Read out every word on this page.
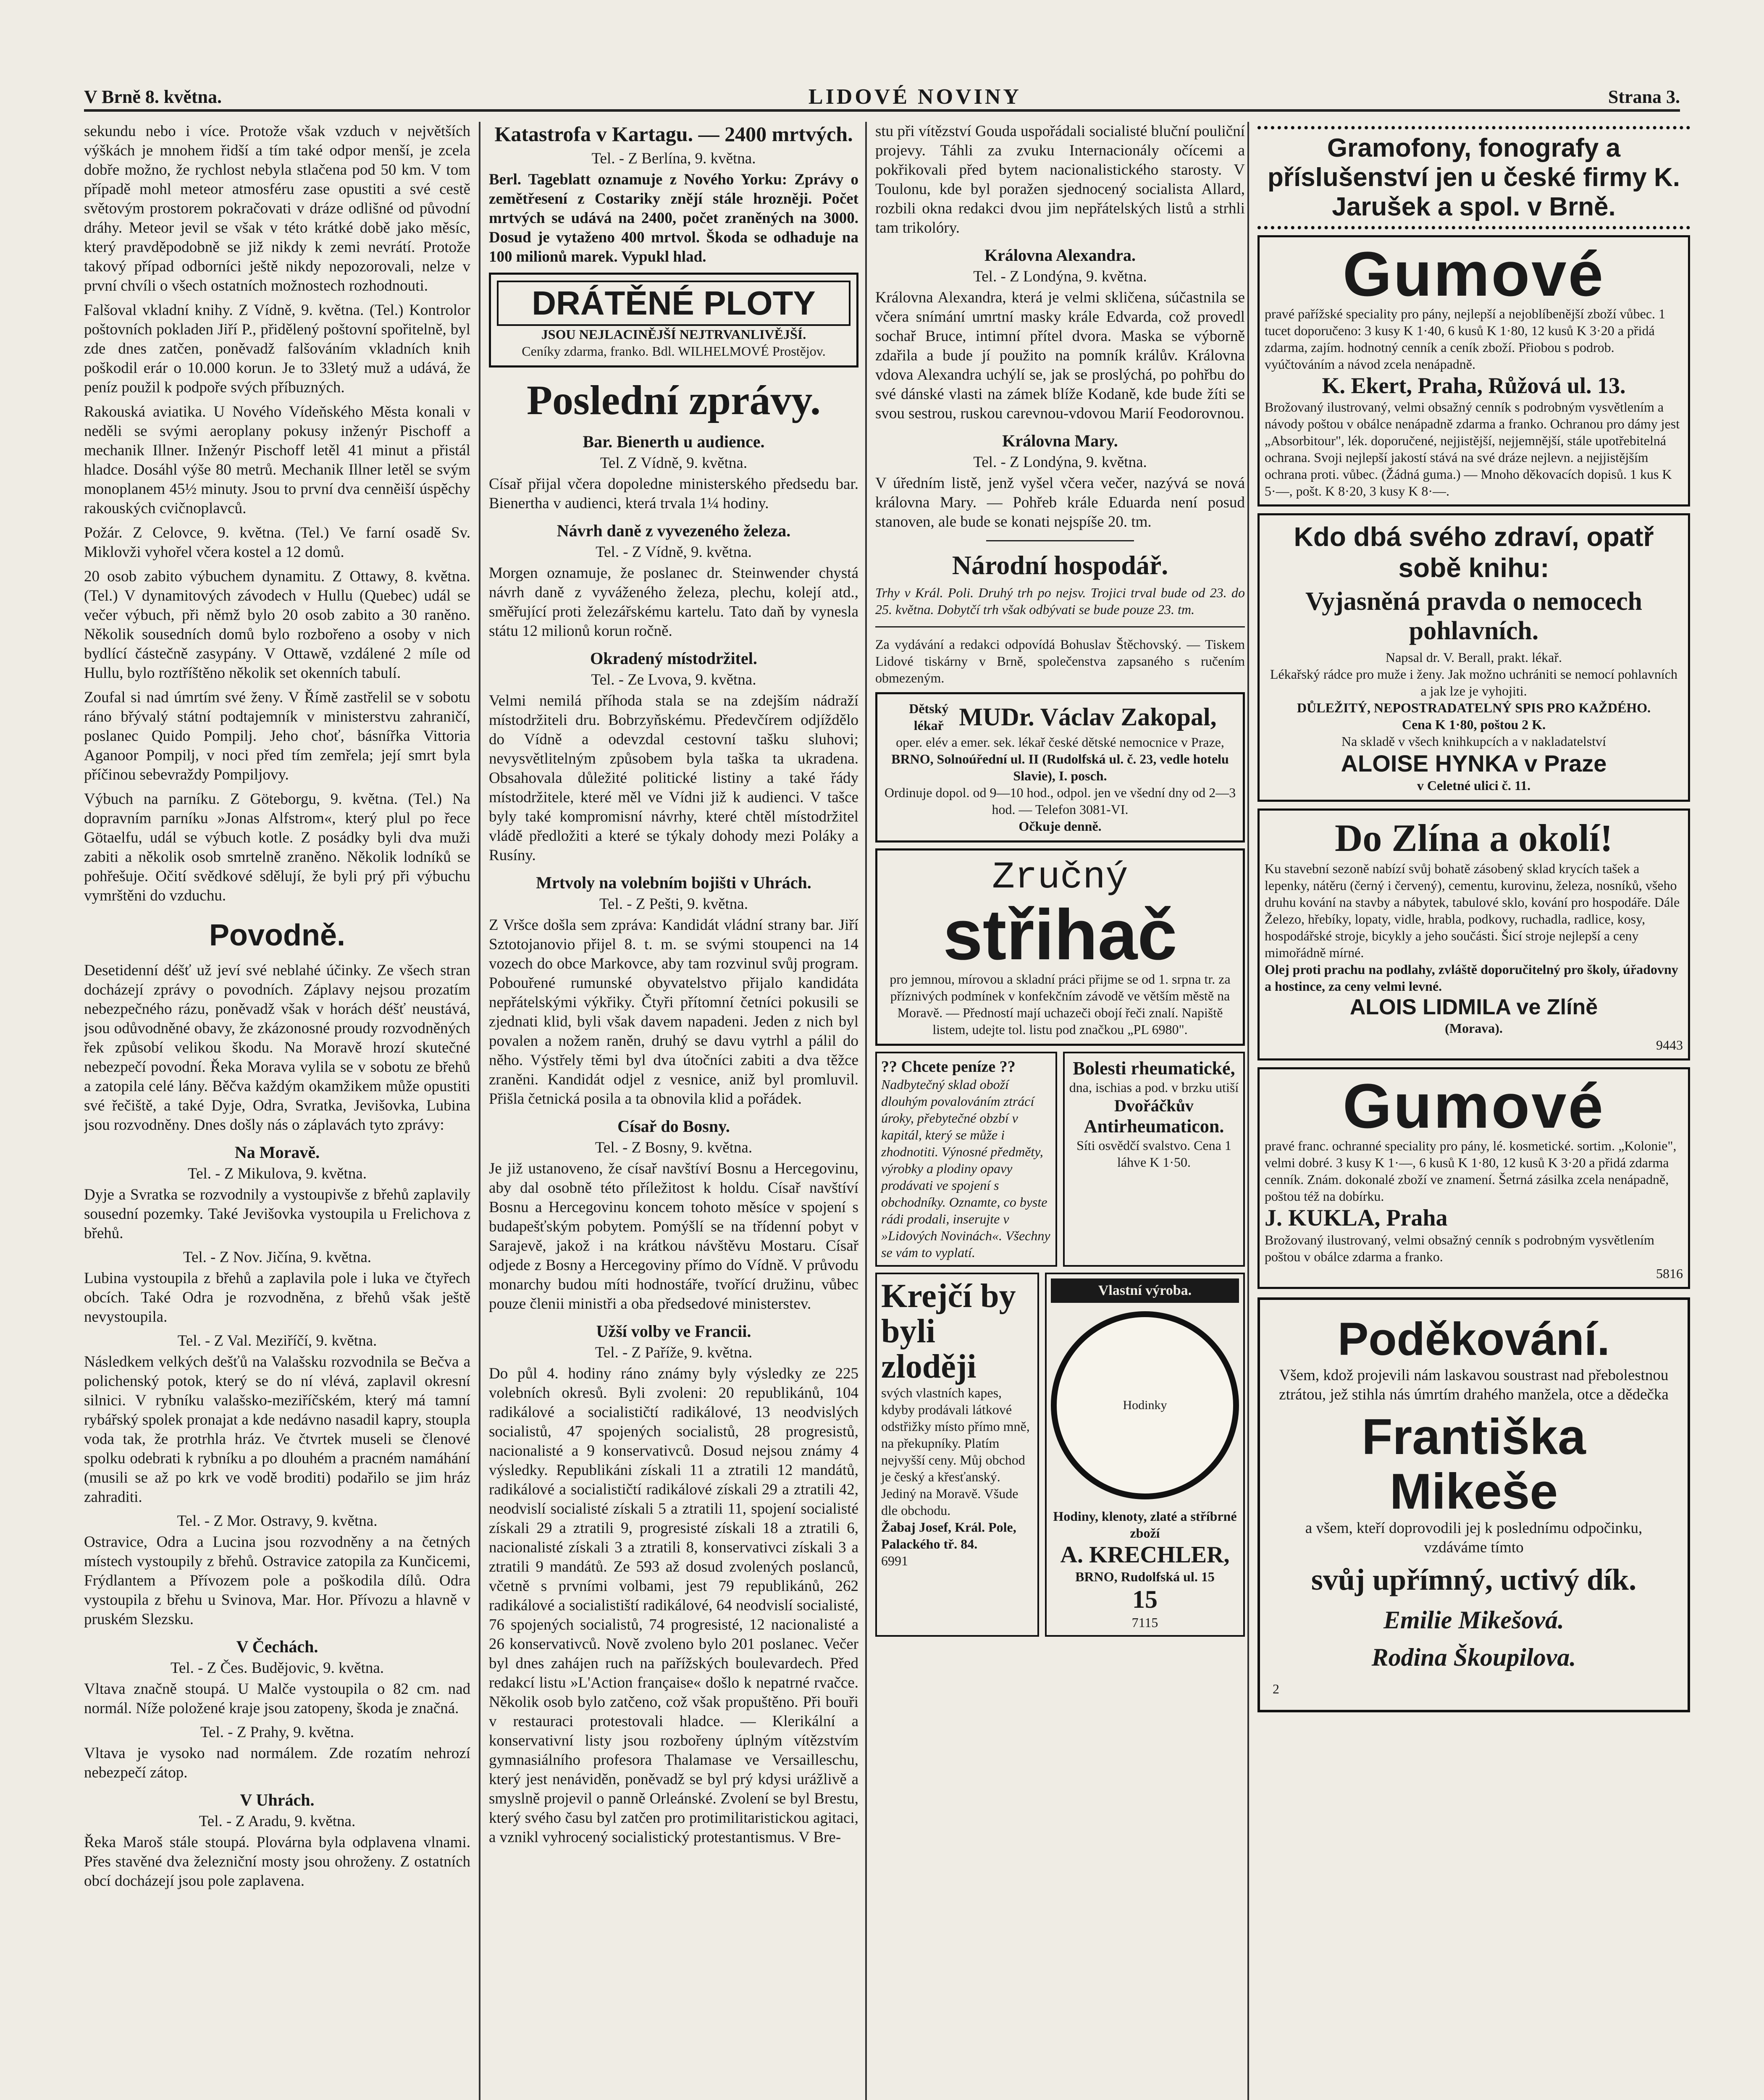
V Brně 8. května.	LIDOVÉ NOVINY	Strana 3.

sekundu nebo i více. Protože však vzduch v největších výškách je mnohem řidší a tím také odpor menší, je zcela dobře možno, že rychlost nebyla stlačena pod 50 km. V tom případě mohl meteor atmosféru zase opustiti a své cestě světovým prostorem pokračovati v dráze odlišné od původní dráhy. Meteor jevil se však v této krátké době jako měsíc, který pravděpodobně se již nikdy k zemi nevrátí. Protože takový případ odborníci ještě nikdy nepozorovali, nelze v první chvíli o všech ostatních možnostech rozhodnouti.

Falšoval vkladní knihy. Z Vídně, 9. května. (Tel.) Kontrolor poštovních pokladen Jiří P., přidělený poštovní spořitelně, byl zde dnes zatčen, poněvadž falšováním vkladních knih poškodil erár o 10.000 korun. Je to 33letý muž a udává, že peníz použil k podpoře svých příbuzných.

Rakouská aviatika. U Nového Vídeňského Města konali v neděli se svými aeroplany pokusy inženýr Pischoff a mechanik Illner. Inženýr Pischoff letěl 41 minut a přistál hladce. Dosáhl výše 80 metrů. Mechanik Illner letěl se svým monoplanem 45½ minuty. Jsou to první dva cenněiší úspěchy rakouských cvičnoplavců.

Požár. Z Celovce, 9. května. (Tel.) Ve farní osadě Sv. Miklovži vyhořel včera kostel a 12 domů.

20 osob zabito výbuchem dynamitu. Z Ottawy, 8. května. (Tel.) V dynamitových závodech v Hullu (Quebec) udál se večer výbuch, při němž bylo 20 osob zabito a 30 raněno. Několik sousedních domů bylo rozbořeno a osoby v nich bydlící částečně zasypány. V Ottawě, vzdálené 2 míle od Hullu, bylo roztříštěno několik set okenních tabulí.

Zoufal si nad úmrtím své ženy. V Římě zastřelil se v sobotu ráno břývalý státní podtajemník v ministerstvu zahraničí, poslanec Quido Pompilj. Jeho choť, básnířka Vittoria Aganoor Pompilj, v noci před tím zemřela; její smrt byla příčinou sebevraždy Pompiljovy.

Výbuch na parníku. Z Göteborgu, 9. května. (Tel.) Na dopravním parníku »Jonas Alfstrom«, který plul po řece Götaelfu, udál se výbuch kotle. Z posádky byli dva muži zabiti a několik osob smrtelně zraněno. Několik lodníků se pohřešuje. Očití svědkové sdělují, že byli prý při výbuchu vymrštěni do vzduchu.

Povodně.

Desetidenní déšť už jeví své neblahé účinky. Ze všech stran docházejí zprávy o povodních. Záplavy nejsou prozatím nebezpečného rázu, poněvadž však v horách déšť neustává, jsou odůvodněné obavy, že zkázonosné proudy rozvodněných řek způsobí velikou škodu. Na Moravě hrozí skutečné nebezpečí povodní. Řeka Morava vylila se v sobotu ze břehů a zatopila celé lány. Běčva každým okamžikem může opustiti své řečiště, a také Dyje, Odra, Svratka, Jevišovka, Lubina jsou rozvodněny. Dnes došly nás o záplavách tyto zprávy:

Na Moravě.
Tel. - Z Mikulova, 9. května.

Dyje a Svratka se rozvodnily a vystoupivše z břehů zaplavily sousední pozemky. Také Jevišovka vystoupila u Frelichova z břehů.

Tel. - Z Nov. Jičína, 9. května.

Lubina vystoupila z břehů a zaplavila pole i luka ve čtyřech obcích. Také Odra je rozvodněna, z břehů však ještě nevystoupila.

Tel. - Z Val. Meziříčí, 9. května.

Následkem velkých dešťů na Valašsku rozvodnila se Bečva a polichenský potok, který se do ní vlévá, zaplavil okresní silnici. V rybníku valašsko-meziříčském, který má tamní rybářský spolek pronajat a kde nedávno nasadil kapry, stoupla voda tak, že protrhla hráz. Ve čtvrtek museli se členové spolku odebrati k rybníku a po dlouhém a pracném namáhání (musili se až po krk ve vodě broditi) podařilo se jim hráz zahraditi.

Tel. - Z Mor. Ostravy, 9. května.

Ostravice, Odra a Lucina jsou rozvodněny a na četných místech vystoupily z břehů. Ostravice zatopila za Kunčicemi, Frýdlantem a Přívozem pole a poškodila dílů. Odra vystoupila z břehu u Svinova, Mar. Hor. Přívozu a hlavně v pruském Slezsku.

V Čechách.
Tel. - Z Čes. Budějovic, 9. května.

Vltava značně stoupá. U Malče vystoupila o 82 cm. nad normál. Níže položené kraje jsou zatopeny, škoda je značná.

Tel. - Z Prahy, 9. května.

Vltava je vysoko nad normálem. Zde rozatím nehrozí nebezpečí zátop.

V Uhrách.
Tel. - Z Aradu, 9. května.

Řeka Maroš stále stoupá. Plovárna byla odplavena vlnami. Přes stavěné dva železniční mosty jsou ohroženy. Z ostatních obcí docházejí jsou pole zaplavena.

Katastrofa v Kartagu. — 2400 mrtvých.
Tel. - Z Berlína, 9. května.

Berl. Tageblatt oznamuje z Nového Yorku: Zprávy o zemětřesení z Costariky znějí stále hrozněji. Počet mrtvých se udává na 2400, počet zraněných na 3000. Dosud je vytaženo 400 mrtvol. Škoda se odhaduje na 100 milionů marek. Vypukl hlad.

DRÁTĚNÉ PLOTY
JSOU NEJLACINĚJŠÍ NEJTRVANLIVĚJŠÍ.
Ceníky zdarma, franko. Bdl. WILHELMOVÉ Prostějov.
Poslední zprávy.
Bar. Bienerth u audience.
Tel. Z Vídně, 9. května.

Císař přijal včera dopoledne ministerského předsedu bar. Bienertha v audienci, která trvala 1¼ hodiny.

Návrh daně z vyvezeného železa.
Tel. - Z Vídně, 9. května.

Morgen oznamuje, že poslanec dr. Steinwender chystá návrh daně z vyváženého železa, plechu, kolejí atd., směřující proti železářskému kartelu. Tato daň by vynesla státu 12 milionů korun ročně.

Okradený místodržitel.
Tel. - Ze Lvova, 9. května.

Velmi nemilá příhoda stala se na zdejším nádraží místodržiteli dru. Bobrzyňskému. Předevčírem odjíždělo do Vídně a odevzdal cestovní tašku sluhovi; nevysvětlitelným způsobem byla taška ta ukradena. Obsahovala důležité politické listiny a také řády místodržitele, které měl ve Vídni již k audienci. V tašce byly také kompromisní návrhy, které chtěl místodržitel vládě předložiti a které se týkaly dohody mezi Poláky a Rusíny.

Mrtvoly na volebním bojišti v Uhrách.
Tel. - Z Pešti, 9. května.

Z Vršce došla sem zpráva: Kandidát vládní strany bar. Jiří Sztotojanovio přijel 8. t. m. se svými stoupenci na 14 vozech do obce Markovce, aby tam rozvinul svůj program. Pobouřené rumunské obyvatelstvo přijalo kandidáta nepřátelskými výkřiky. Čtyři přítomní četníci pokusili se zjednati klid, byli však davem napadeni. Jeden z nich byl povalen a nožem raněn, druhý se davu vytrhl a pálil do něho. Výstřely těmi byl dva útočníci zabiti a dva těžce zraněni. Kandidát odjel z vesnice, aniž byl promluvil. Přišla četnická posila a ta obnovila klid a pořádek.

Císař do Bosny.
Tel. - Z Bosny, 9. května.

Je již ustanoveno, že císař navštíví Bosnu a Hercegovinu, aby dal osobně této příležitost k holdu. Císař navštíví Bosnu a Hercegovinu koncem tohoto měsíce v spojení s budapešťským pobytem. Pomýšlí se na třídenní pobyt v Sarajevě, jakož i na krátkou návštěvu Mostaru. Císař odjede z Bosny a Hercegoviny přímo do Vídně. V průvodu monarchy budou míti hodnostáře, tvořící družinu, vůbec pouze členii ministři a oba předsedové ministerstev.

Užší volby ve Francii.
Tel. - Z Paříže, 9. května.

Do půl 4. hodiny ráno známy byly výsledky ze 225 volebních okresů. Byli zvoleni: 20 republikánů, 104 radikálové a socialističtí radikálové, 13 neodvislých socialistů, 47 spojených socialistů, 28 progresistů, nacionalisté a 9 konservativců. Dosud nejsou známy 4 výsledky. Republikáni získali 11 a ztratili 12 mandátů, radikálové a socialističtí radikálové získali 29 a ztratili 42, neodvislí socialisté získali 5 a ztratili 11, spojení socialisté získali 29 a ztratili 9, progresisté získali 18 a ztratili 6, nacionalisté získali 3 a ztratili 8, konservativci získali 3 a ztratili 9 mandátů. Ze 593 až dosud zvolených poslanců, včetně s prvními volbami, jest 79 republikánů, 262 radikálové a socialistiští radikálové, 64 neodvislí socialisté, 76 spojených socialistů, 74 progresisté, 12 nacionalisté a 26 konservativců. Nově zvoleno bylo 201 poslanec. Večer byl dnes zahájen ruch na pařížských boulevardech. Před redakcí listu »L'Action française« došlo k nepatrné rvačce. Několik osob bylo zatčeno, což však propuštěno. Při bouři v restauraci protestovali hladce. — Klerikální a konservativní listy jsou rozbořeny úplným vítězstvím gymnasiálního profesora Thalamase ve Versailleschu, který jest nenáviděn, poněvadž se byl prý kdysi urážlivě a smyslně projevil o panně Orleánské. Zvolení se byl Brestu, který svého času byl zatčen pro protimilitaristickou agitaci, a vznikl vyhrocený socialistický protestantismus. V Bre-

stu při vítězství Gouda uspořádali socialisté bluční pouliční projevy. Táhli za zvuku Internacionály očícemi a pokřikovali před bytem nacionalistického starosty. V Toulonu, kde byl poražen sjednocený socialista Allard, rozbili okna redakci dvou jim nepřátelských listů a strhli tam trikolóry.

Královna Alexandra.
Tel. - Z Londýna, 9. května.

Královna Alexandra, která je velmi skličena, súčastnila se včera snímání umrtní masky krále Edvarda, což provedl sochař Bruce, intimní přítel dvora. Maska se výborně zdařila a bude jí použito na pomník králův. Královna vdova Alexandra uchýlí se, jak se proslýchá, po pohřbu do své dánské vlasti na zámek blíže Kodaně, kde bude žíti se svou sestrou, ruskou carevnou-vdovou Marií Feodorovnou.

Královna Mary.
Tel. - Z Londýna, 9. května.

V úředním listě, jenž vyšel včera večer, nazývá se nová královna Mary. — Pohřeb krále Eduarda není posud stanoven, ale bude se konati nejspíše 20. tm.

Národní hospodář.

Trhy v Král. Poli. Druhý trh po nejsv. Trojici trval bude od 23. do 25. května. Dobytčí trh však odbývati se bude pouze 23. tm.

Za vydávání a redakci odpovídá Bohuslav Štěchovský. — Tiskem Lidové tiskárny v Brně, společenstva zapsaného s ručením obmezeným.

Dětský lékař MUDr. Václav Zakopal,
oper. elév a emer. sek. lékař české dětské nemocnice v Praze,
BRNO, Solnoúřední ul. II (Rudolfská ul. č. 23, vedle hotelu Slavie), I. posch.
Ordinuje dopol. od 9—10 hod., odpol. jen ve všední dny od 2—3 hod. — Telefon 3081-VI.
Očkuje denně.
Zručný
střihač
pro jemnou, mírovou a skladní práci přijme se od 1. srpna tr. za příznivých podmínek v konfekčním závodě ve větším městě na Moravě. — Předností mají uchazeči obojí řeči znalí. Napiště listem, udejte tol. listu pod značkou „PL 6980".
?? Chcete peníze ??
Nadbytečný sklad oboží dlouhým povalováním ztrácí úroky, přebytečné obzbí v kapitál, který se může i zhodnotiti. Výnosné předměty, výrobky a plodiny opavy prodávati ve spojení s obchodníky. Oznamte, co byste rádi prodali, inserujte v »Lidových Novinách«. Všechny se vám to vyplatí.
Bolesti rheumatické,
dna, ischias a pod. v brzku utiší
Dvořáčkův
Antirheumaticon.
Síti osvědčí svalstvo. Cena 1 láhve K 1·50.
Krejčí by byli zloději
svých vlastních kapes, kdyby prodávali látkové odstřižky místo přímo mně, na překupníky. Platím nejvyšší ceny. Můj obchod je český a křesťanský. Jediný na Moravě. Všude dle obchodu.
Žabaj Josef, Král. Pole, Palackého tř. 84.
6991
Vlastní výroba.
Hodinky
Hodiny, klenoty, zlaté a stříbrné zboží
A. KRECHLER,
BRNO, Rudolfská ul. 15
15
7115
Gramofony, fonografy a příslušenství jen u české firmy K. Jarušek a spol. v Brně.
Gumové
pravé pařížské speciality pro pány, nejlepší a nejoblíbenější zboží vůbec. 1 tucet doporučeno: 3 kusy K 1·40, 6 kusů K 1·80, 12 kusů K 3·20 a přidá zdarma, zajím. hodnotný cenník a ceník zboží. Přiobou s podrob. vyúčtováním a návod zcela nenápadně.
K. Ekert, Praha, Růžová ul. 13.
Brožovaný ilustrovaný, velmi obsažný cenník s podrobným vysvětlením a návody poštou v obálce nenápadně zdarma a franko. Ochranou pro dámy jest „Absorbitour", lék. doporučené, nejjistější, nejjemnější, stále upotřebitelná ochrana. Svoji nejlepší jakostí stává na své dráze nejlevn. a nejjistějším ochrana proti. vůbec. (Žádná guma.) — Mnoho děkovacích dopisů. 1 kus K 5·—, pošt. K 8·20, 3 kusy K 8·—.
Kdo dbá svého zdraví, opatř sobě knihu:
Vyjasněná pravda o nemocech pohlavních.
Napsal dr. V. Berall, prakt. lékař.
Lékařský rádce pro muže i ženy. Jak možno uchrániti se nemocí pohlavních a jak lze je vyhojiti.
DŮLEŽITÝ, NEPOSTRADATELNÝ SPIS PRO KAŽDÉHO.
Cena K 1·80, poštou 2 K.
Na skladě v všech knihkupcích a v nakladatelství
ALOISE HYNKA v Praze
v Celetné ulici č. 11.
Do Zlína a okolí!
Ku stavební sezoně nabízí svůj bohatě zásobený sklad krycích tašek a lepenky, nátěru (černý i červený), cementu, kurovinu, železa, nosníků, všeho druhu kování na stavby a nábytek, tabulové sklo, kování pro hospodáře. Dále Železo, hřebíky, lopaty, vidle, hrabla, podkovy, ruchadla, radlice, kosy, hospodářské stroje, bicykly a jeho součásti. Šicí stroje nejlepší a ceny mimořádně mírné.
Olej proti prachu na podlahy, zvláště doporučitelný pro školy, úřadovny a hostince, za ceny velmi levné.
ALOIS LIDMILA ve Zlíně
(Morava).
9443
Gumové
pravé franc. ochranné speciality pro pány, lé. kosmetické. sortim. „Kolonie", velmi dobré. 3 kusy K 1·—, 6 kusů K 1·80, 12 kusů K 3·20 a přidá zdarma cenník. Znám. dokonalé zboží ve znamení. Šetrná zásilka zcela nenápadně, poštou též na dobírku.
J. KUKLA, Praha
Brožovaný ilustrovaný, velmi obsažný cenník s podrobným vysvětlením poštou v obálce zdarma a franko.
5816
Poděkování.

Všem, kdož projevili nám laskavou soustrast nad přebolestnou ztrátou, jež stihla nás úmrtím drahého manžela, otce a dědečka

Františka Mikeše

a všem, kteří doprovodili jej k poslednímu odpočinku, vzdáváme tímto

svůj upřímný, uctivý dík.
Emilie Mikešová.
Rodina Škoupilova.
2
